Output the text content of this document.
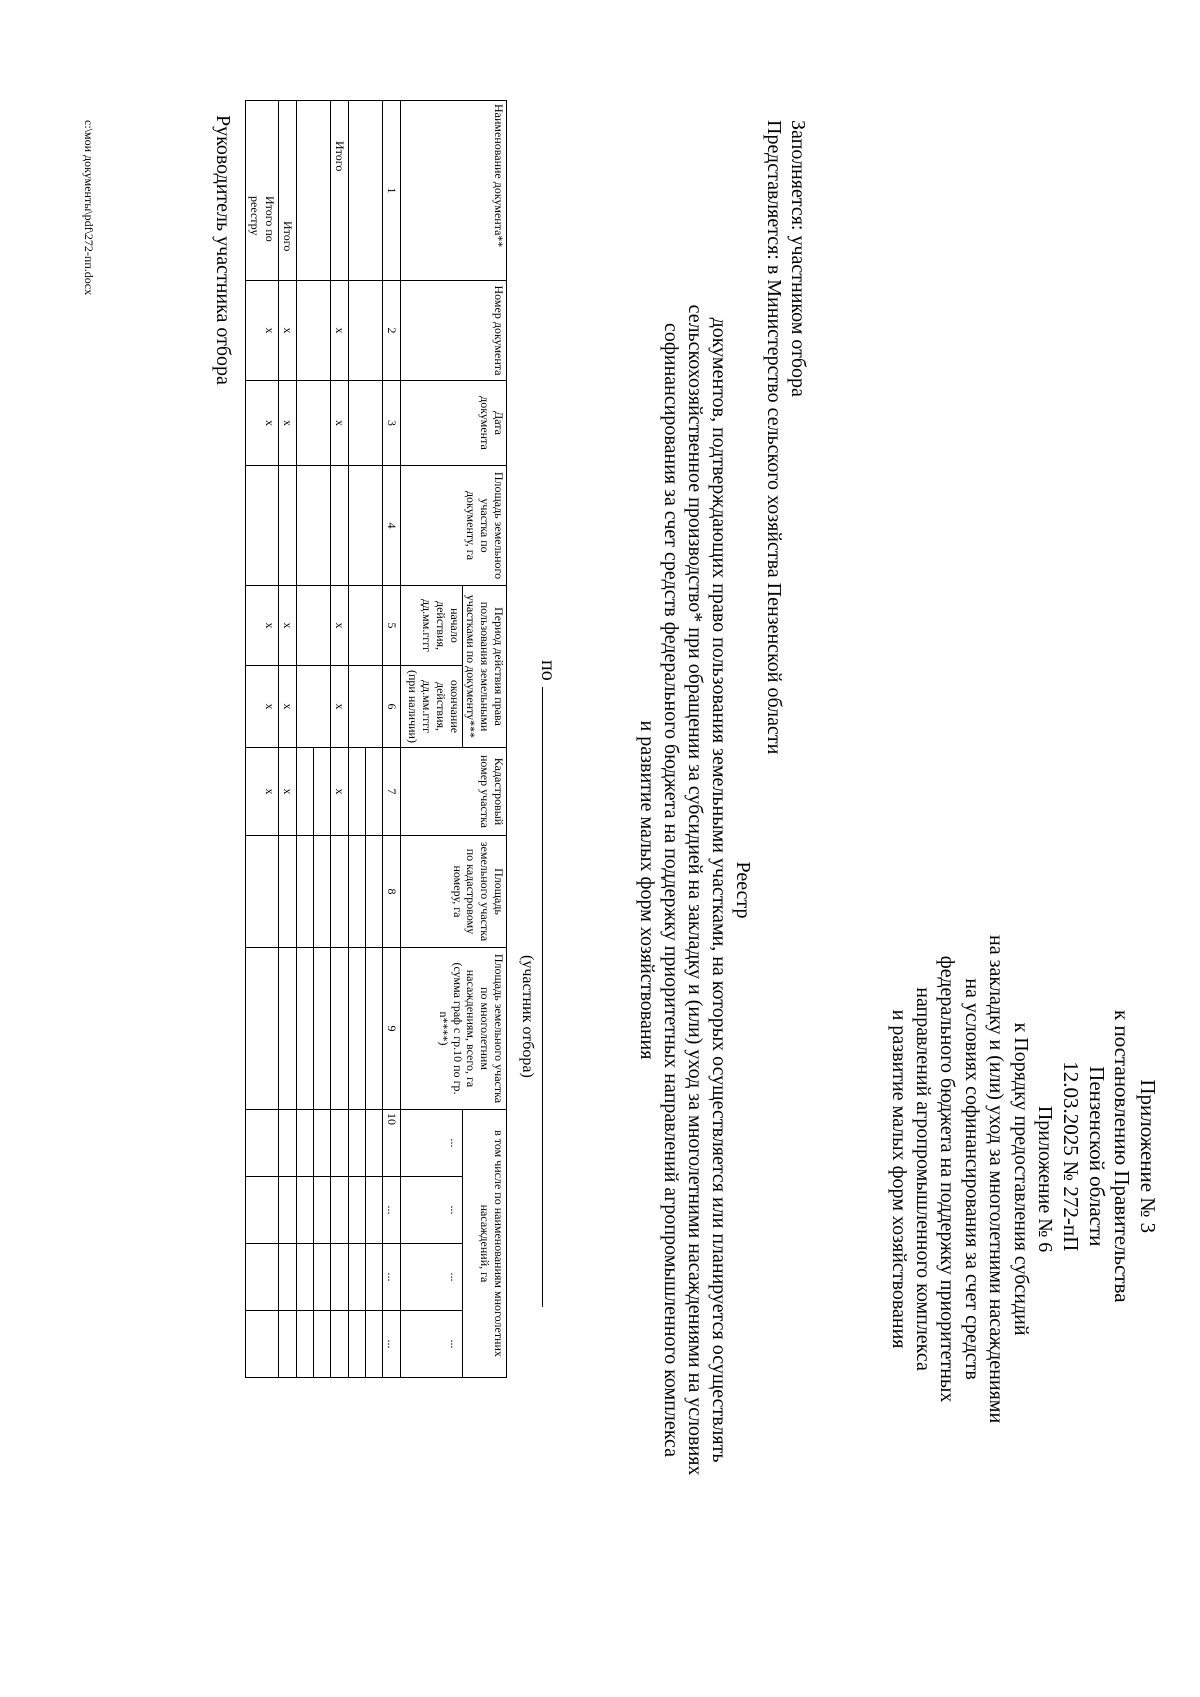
Приложение № 3
к постановлению Правительства
Пензенской области
12.03.2025 № 272-пП
Приложение № 6
к Порядку предоставления субсидий
на закладку и (или) уход за многолетними насаждениями
на условиях софинансирования за счет средств
федерального бюджета на поддержку приоритетных
направлений агропромышленного комплекса
и развитие малых форм хозяйствования
Заполняется: участником отбора
Представляется: в Министерство сельского хозяйства Пензенской области
Реестр
документов, подтверждающих право пользования земельными участками, на которых осуществляется или планируется осуществлять
сельскохозяйственное производство* при обращении за субсидией на закладку и (или) уход за многолетними насаждениями на условиях
софинансирования за счет средств федерального бюджета на поддержку приоритетных направлений агропромышленного комплекса
и развитие малых форм хозяйствования
по
(участник отбора)
Наименование документа**	Номер документа	Дата документа	Площадь земельного участка по документу, га	Период действия права пользования земельными участками по документу***		Кадастровый номер участка	Площадь земельного участка по кадастровому номеру, га	Площадь земельного участка по многолетним насаждениям, всего, га (сумма граф с гр.10 по гр. n****)	в том числе по наименованиям многолетних насаждений, га			
				начало действия, дд.мм.гггг	окончание действия, дд.мм.гггг (при наличии)				...	...	...	...
1	2	3	4	5	6	7	8	9	10	...	...	...

Итого	x	x		x	x	x						

Итого	x	x		x	x	x						
Итого по реестру	x	x		x	x	x						
Руководитель участника отбора
c:\мои документы\pdf\272-пп.docx
